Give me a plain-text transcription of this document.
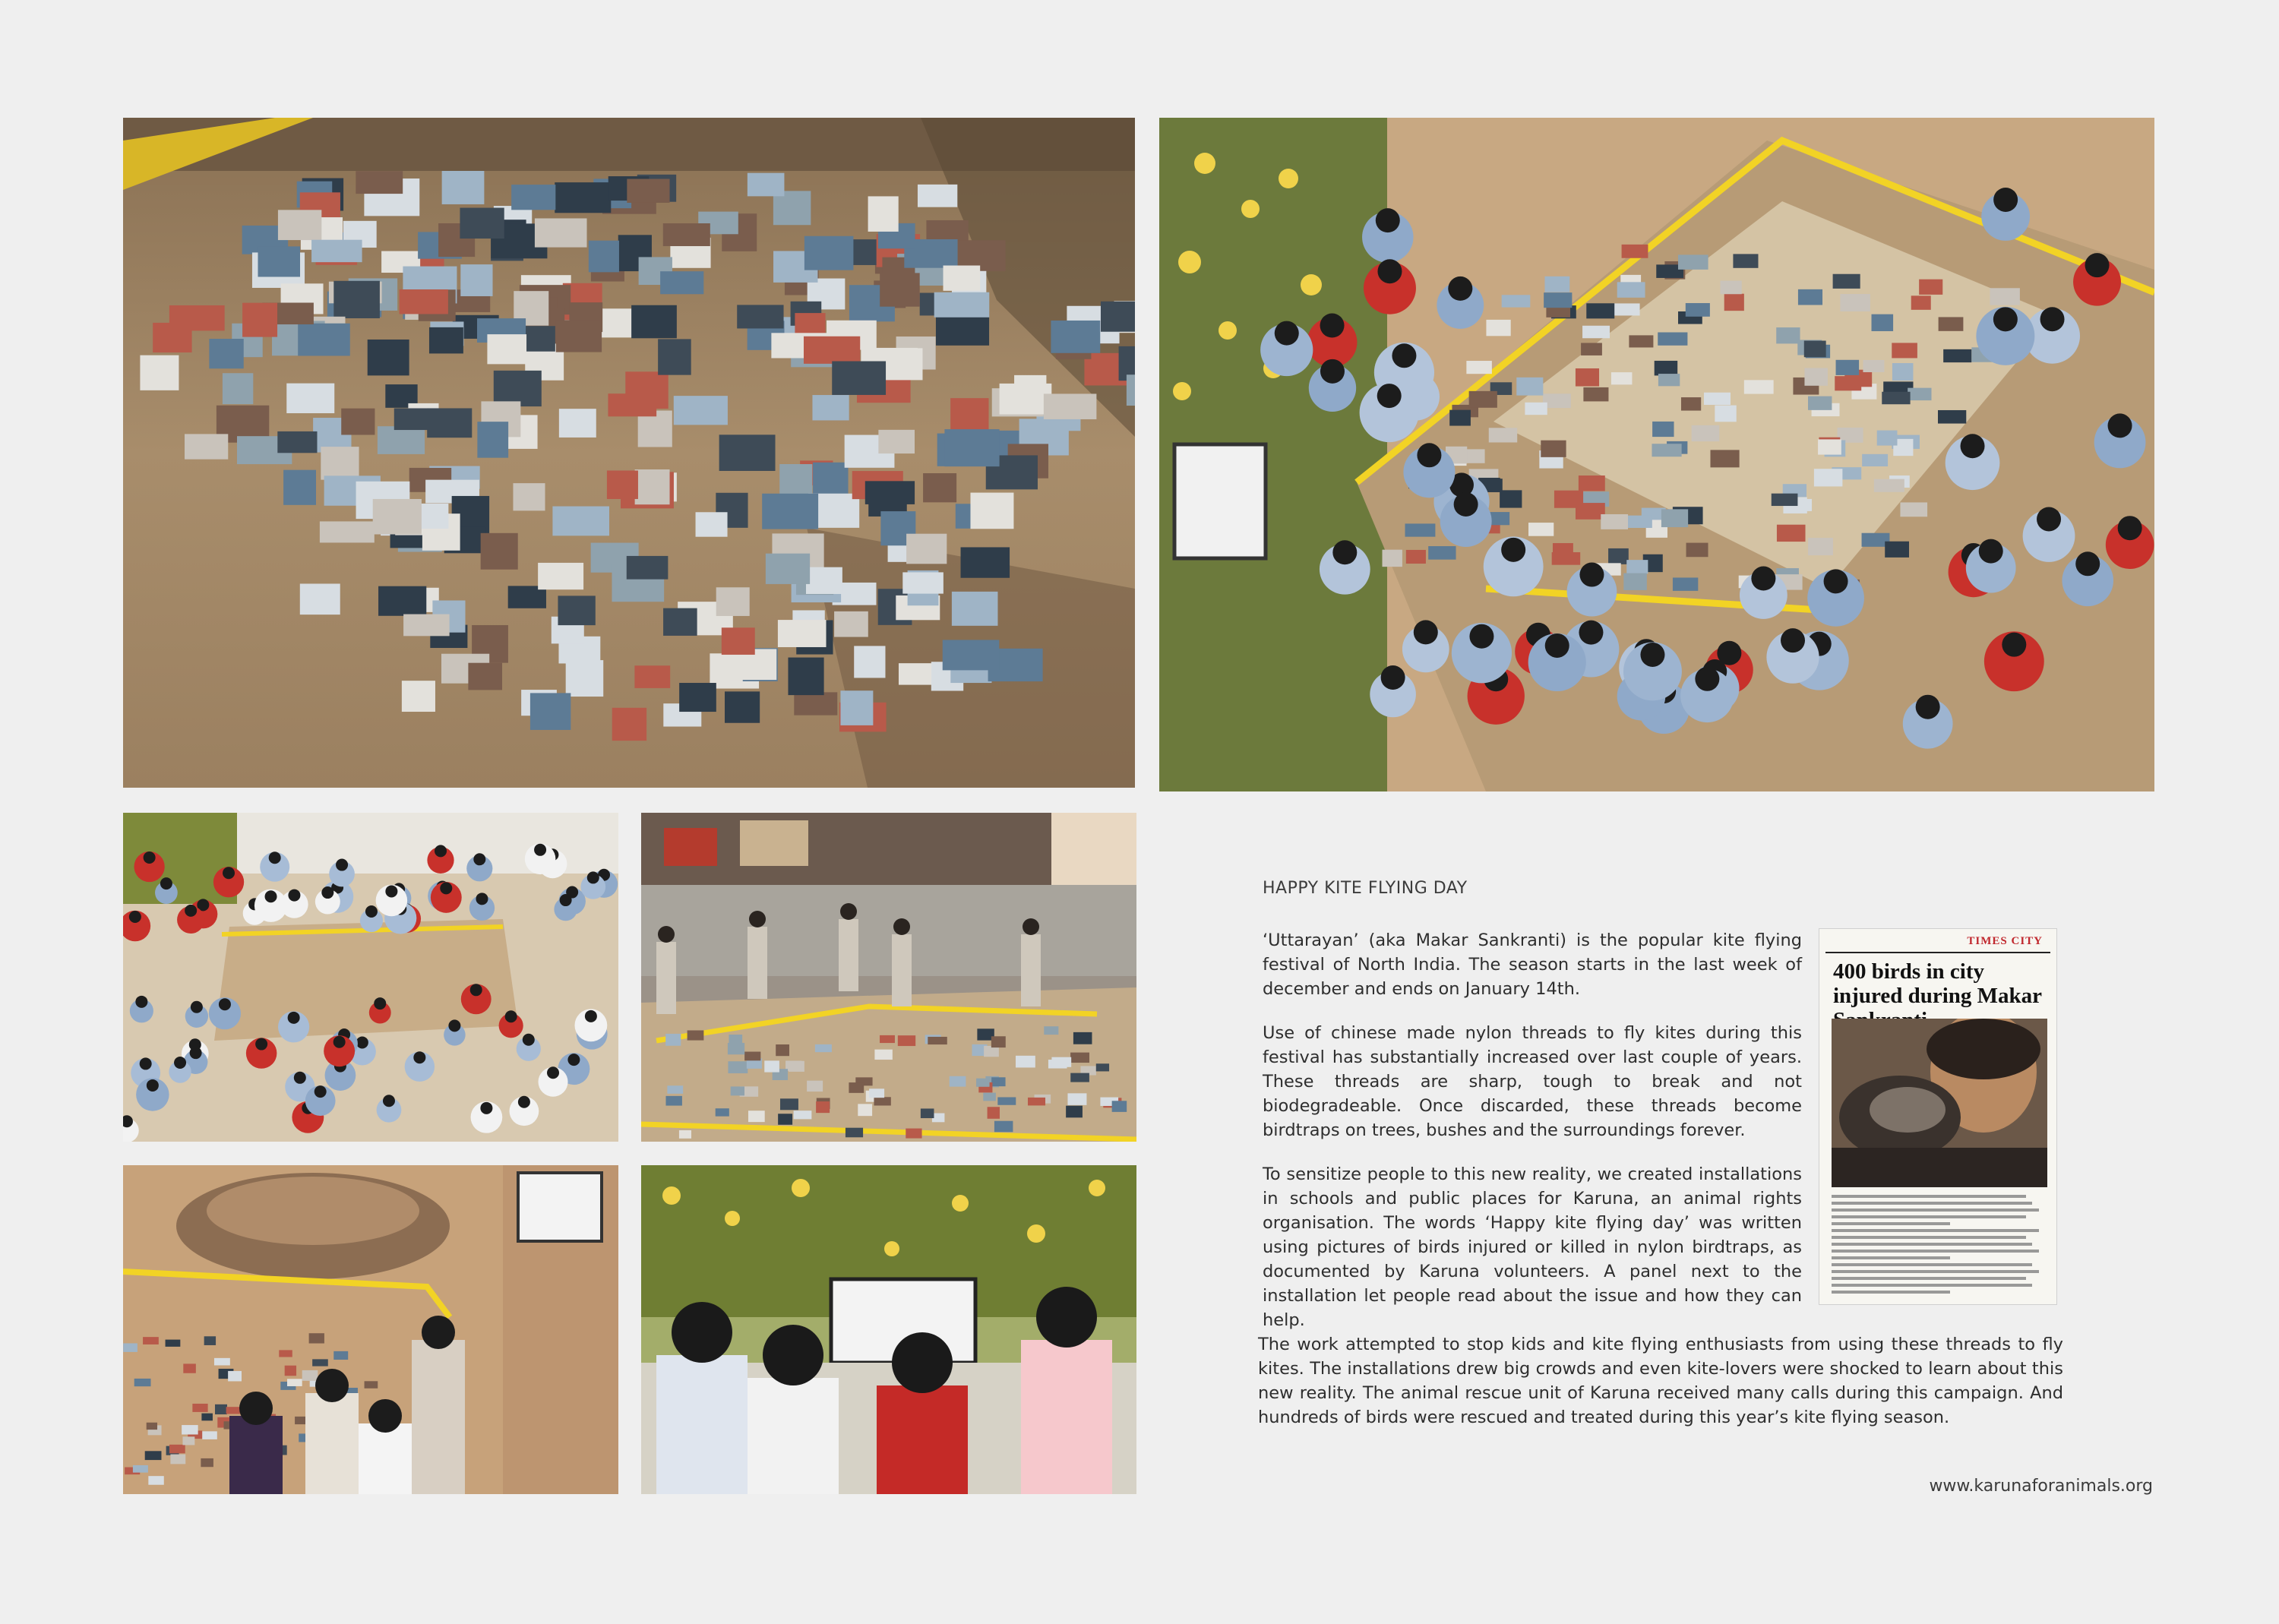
HAPPY KITE FLYING DAY

‘Uttarayan’ (aka Makar Sankranti) is the popular kite flying festival of North India. The season starts in the last week of december and ends on January 14th.

Use of chinese made nylon threads to fly kites during this festival has substantially increased over last couple of years. These threads are sharp, tough to break and not biodegradeable. Once discarded, these threads become birdtraps on trees, bushes and the surroundings forever.

To sensitize people to this new reality, we created installations in schools and public places for Karuna, an animal rights organisation. The words ‘Happy kite flying day’ was written using pictures of birds injured or killed in nylon birdtraps, as documented by Karuna volunteers. A panel next to the installation let people read about the issue and how they can help.

The work attempted to stop kids and kite flying enthusiasts from using these threads to fly kites. The installations drew big crowds and even kite-lovers were shocked to learn about this new reality. The animal rescue unit of Karuna received many calls during this campaign. And hundreds of birds were rescued and treated during this year’s kite flying season.

TIMES CITY
400 birds in city injured during Makar

www.karunaforanimals.org
